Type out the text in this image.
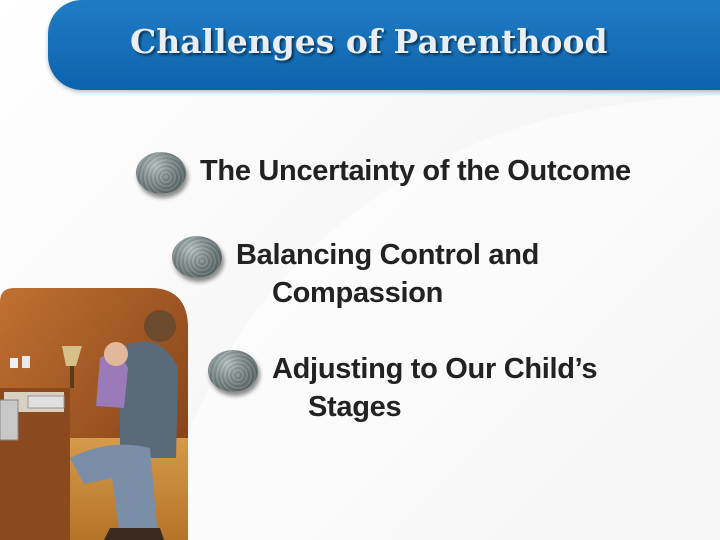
Challenges of Parenthood
The Uncertainty of the Outcome
Balancing Control and
Compassion
Adjusting to Our Child’s
Stages
